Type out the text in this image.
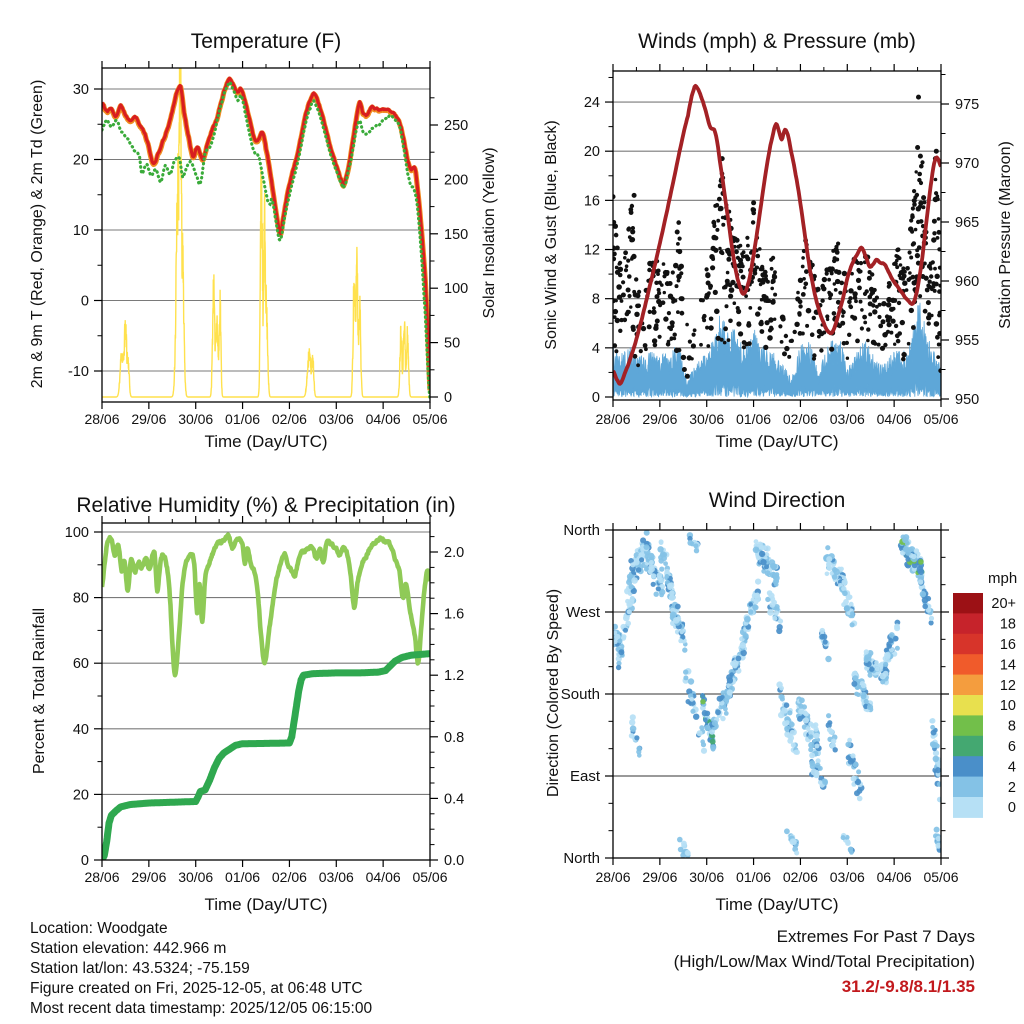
30
20
10
0
-10
250
200
150
100
50
0
28/06 29/06 30/06 01/06 02/06 03/06 04/06 05/06
24
20
16
12
8
4
0
975
970
965
960
955
950
28/06 29/06 30/06 01/06 02/06 03/06 04/06 05/06
100
80
60
40
20
0
2.0
1.6
1.2
0.8
0.4
0.0
28/06 29/06 30/06 01/06 02/06 03/06 04/06 05/06
North
West
South
East
North
28/06 29/06 30/06 01/06 02/06 03/06 04/06 05/06
20+
18
16
14
12
10
8
6
4
2
0
Temperature (F)	Winds (mph) & Pressure (mb)
Relative Humidity (%) & Precipitation (in)	Wind Direction
2m & 9m T (Red, Orange) & 2m Td (Green)	Solar Insolation (Yellow)	Sonic Wind & Gust (Blue, Black)	Station Pressure (Maroon)
Percent & Total Rainfall	Direction (Colored By Speed)
Time (Day/UTC)	Time (Day/UTC)
Time (Day/UTC)	Time (Day/UTC)
mph
Location: Woodgate
Station elevation: 442.966 m
Station lat/lon: 43.5324; -75.159
Figure created on Fri, 2025-12-05, at 06:48 UTC
Most recent data timestamp: 2025/12/05 06:15:00
Extremes For Past 7 Days
(High/Low/Max Wind/Total Precipitation)
31.2/-9.8/8.1/1.35
